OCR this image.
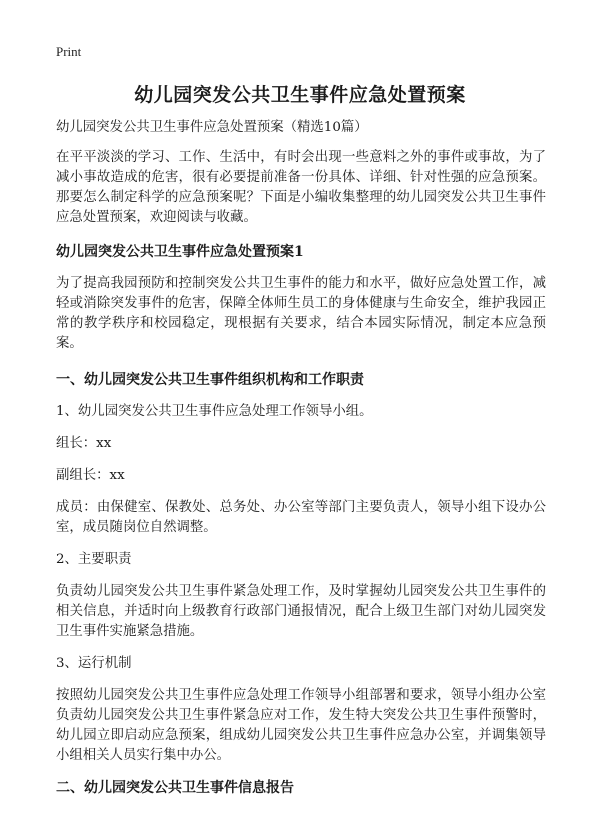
Print
幼儿园突发公共卫生事件应急处置预案

幼儿园突发公共卫生事件应急处置预案（精选10篇）

在平平淡淡的学习、工作、生活中，有时会出现一些意料之外的事件或事故，为了减小事故造成的危害，很有必要提前准备一份具体、详细、针对性强的应急预案。那要怎么制定科学的应急预案呢？下面是小编收集整理的幼儿园突发公共卫生事件应急处置预案，欢迎阅读与收藏。

幼儿园突发公共卫生事件应急处置预案1

为了提高我园预防和控制突发公共卫生事件的能力和水平，做好应急处置工作，减轻或消除突发事件的危害，保障全体师生员工的身体健康与生命安全，维护我园正常的教学秩序和校园稳定，现根据有关要求，结合本园实际情况，制定本应急预案。

一、幼儿园突发公共卫生事件组织机构和工作职责

1、幼儿园突发公共卫生事件应急处理工作领导小组。

组长：xx

副组长：xx

成员：由保健室、保教处、总务处、办公室等部门主要负责人，领导小组下设办公室，成员随岗位自然调整。

2、主要职责

负责幼儿园突发公共卫生事件紧急处理工作，及时掌握幼儿园突发公共卫生事件的相关信息，并适时向上级教育行政部门通报情况，配合上级卫生部门对幼儿园突发卫生事件实施紧急措施。

3、运行机制

按照幼儿园突发公共卫生事件应急处理工作领导小组部署和要求，领导小组办公室负责幼儿园突发公共卫生事件紧急应对工作，发生特大突发公共卫生事件预警时，幼儿园立即启动应急预案，组成幼儿园突发公共卫生事件应急办公室，并调集领导小组相关人员实行集中办公。

二、幼儿园突发公共卫生事件信息报告
